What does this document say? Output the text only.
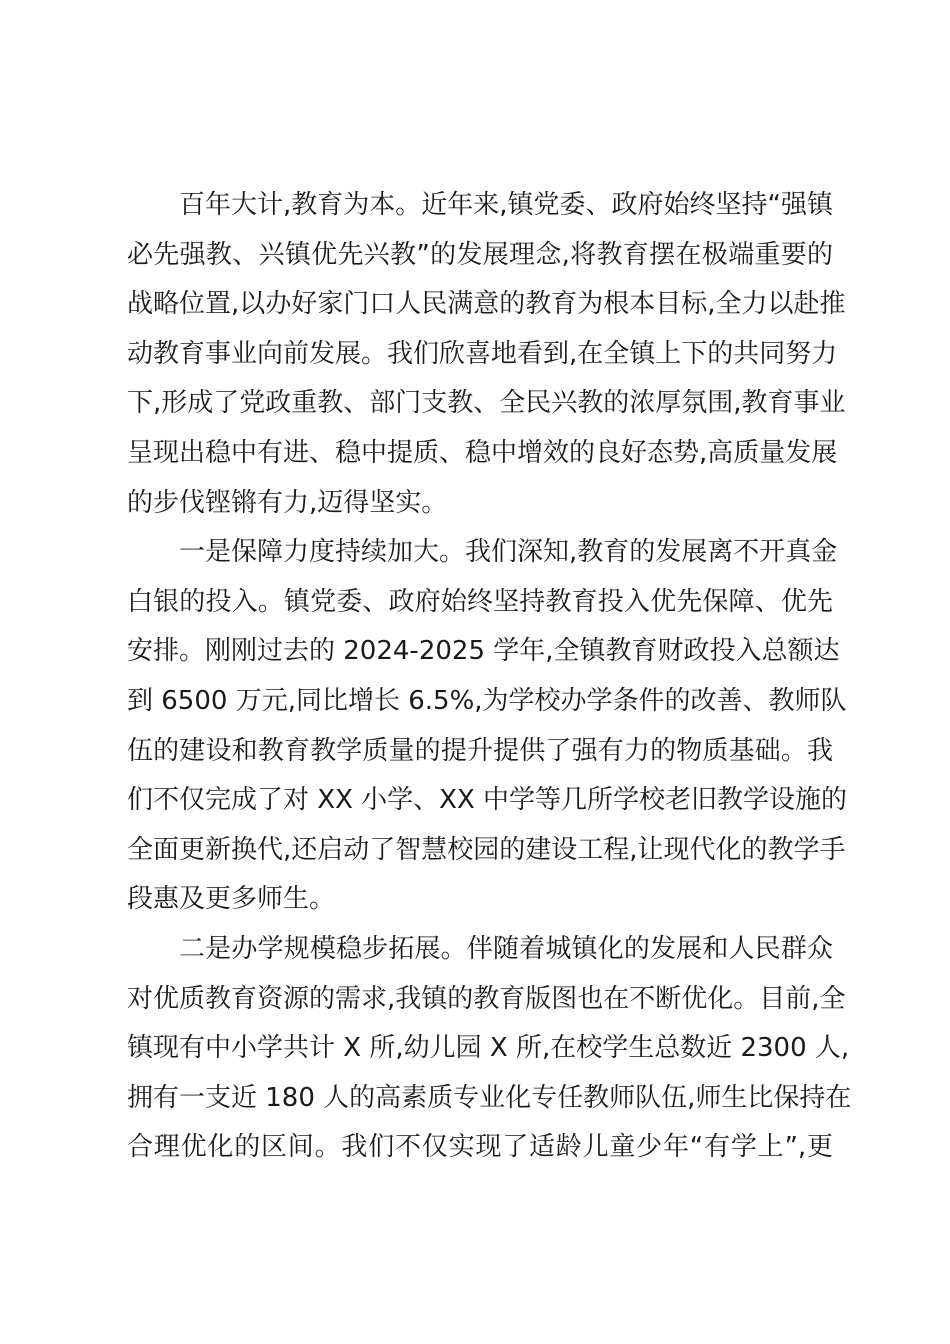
百年大计,教育为本。近年来,镇党委、政府始终坚持“强镇
必先强教、兴镇优先兴教”的发展理念,将教育摆在极端重要的
战略位置,以办好家门口人民满意的教育为根本目标,全力以赴推
动教育事业向前发展。我们欣喜地看到,在全镇上下的共同努力
下,形成了党政重教、部门支教、全民兴教的浓厚氛围,教育事业
呈现出稳中有进、稳中提质、稳中增效的良好态势,高质量发展
的步伐铿锵有力,迈得坚实。
一是保障力度持续加大。我们深知,教育的发展离不开真金
白银的投入。镇党委、政府始终坚持教育投入优先保障、优先
安排。刚刚过去的 2024-2025 学年,全镇教育财政投入总额达
到 6500 万元,同比增长 6.5%,为学校办学条件的改善、教师队
伍的建设和教育教学质量的提升提供了强有力的物质基础。我
们不仅完成了对 XX 小学、XX 中学等几所学校老旧教学设施的
全面更新换代,还启动了智慧校园的建设工程,让现代化的教学手
段惠及更多师生。
二是办学规模稳步拓展。伴随着城镇化的发展和人民群众
对优质教育资源的需求,我镇的教育版图也在不断优化。目前,全
镇现有中小学共计 X 所,幼儿园 X 所,在校学生总数近 2300 人,
拥有一支近 180 人的高素质专业化专任教师队伍,师生比保持在
合理优化的区间。我们不仅实现了适龄儿童少年“有学上”,更
